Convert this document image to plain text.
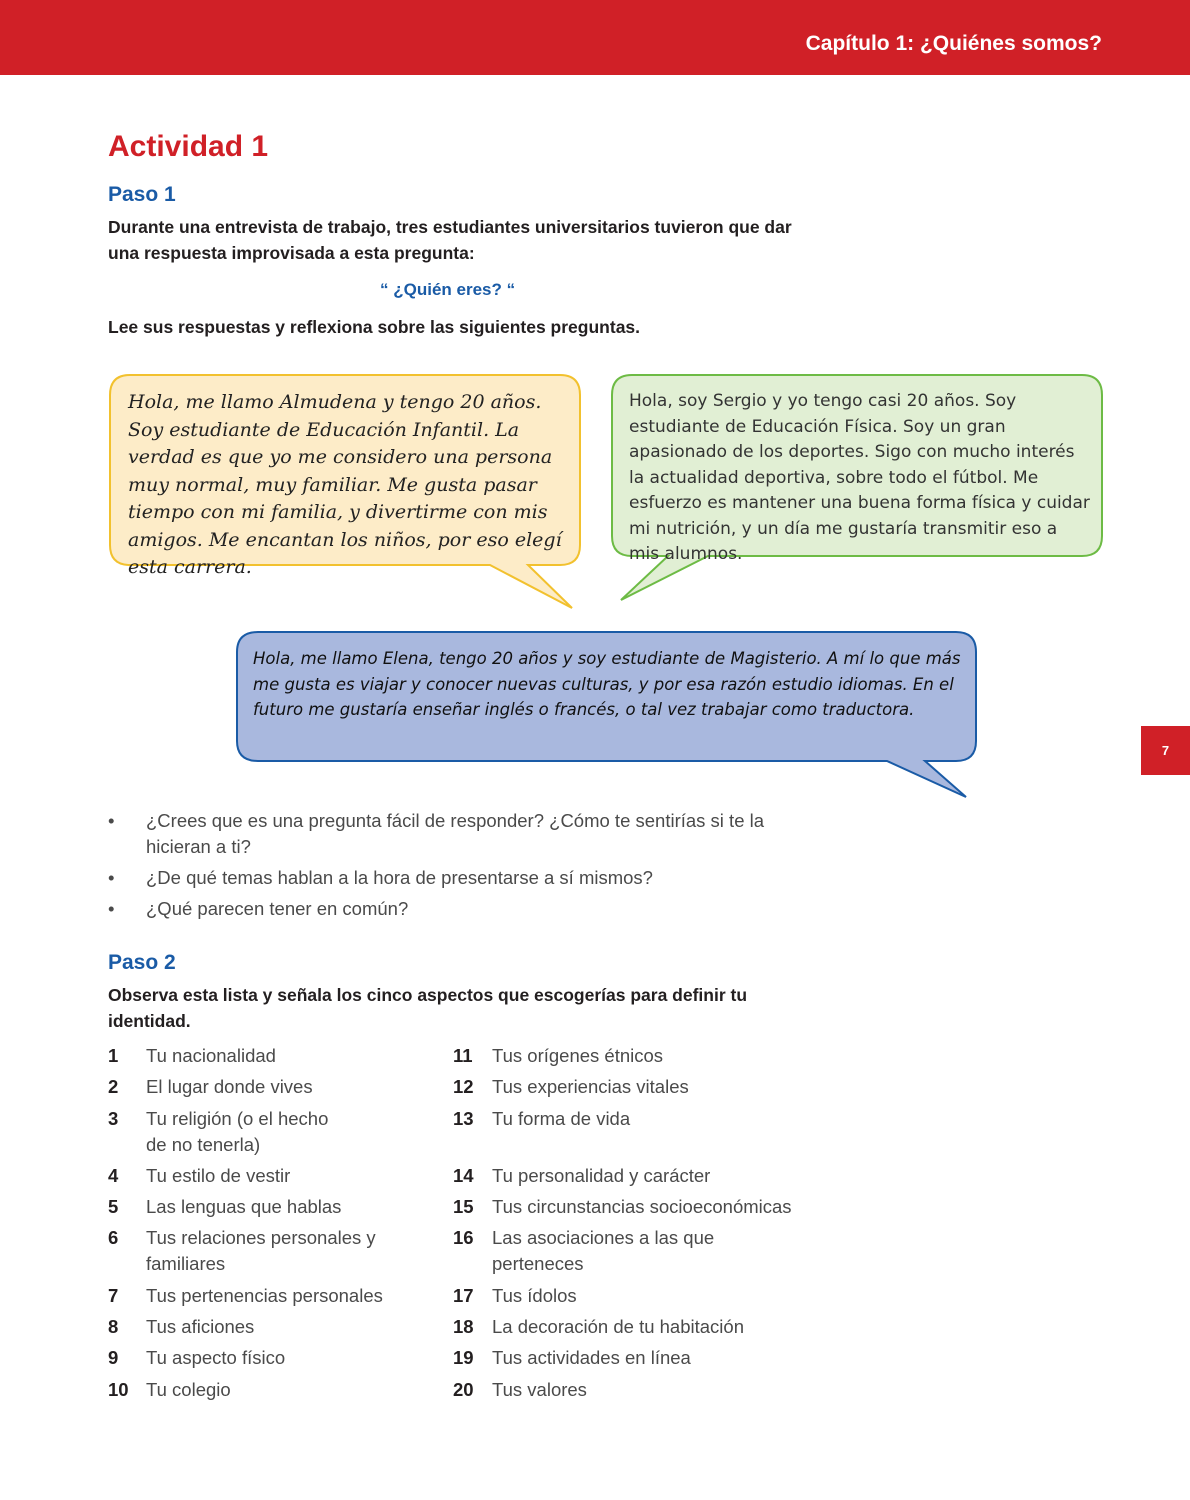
Capítulo 1: ¿Quiénes somos?
7
Actividad 1
Paso 1

Durante una entrevista de trabajo, tres estudiantes universitarios tuvieron que dar una respuesta improvisada a esta pregunta:

“ ¿Quién eres? “

Lee sus respuestas y reflexiona sobre las siguientes preguntas.

Hola, me llamo Almudena y tengo 20 años. Soy estudiante de Educación Infantil. La verdad es que yo me considero una persona muy normal, muy familiar. Me gusta pasar tiempo con mi familia, y divertirme con mis amigos. Me encantan los niños, por eso elegí esta carrera.

Hola, soy Sergio y yo tengo casi 20 años. Soy estudiante de Educación Física. Soy un gran apasionado de los deportes. Sigo con mucho interés la actualidad deportiva, sobre todo el fútbol. Me esfuerzo es mantener una buena forma física y cuidar mi nutrición, y un día me gustaría transmitir eso a mis alumnos.

Hola, me llamo Elena, tengo 20 años y soy estudiante de Magisterio. A mí lo que más me gusta es viajar y conocer nuevas culturas, y por esa razón estudio idiomas. En el futuro me gustaría enseñar inglés o francés, o tal vez trabajar como traductora.

• ¿Crees que es una pregunta fácil de responder? ¿Cómo te sentirías si te la hicieran a ti?
• ¿De qué temas hablan a la hora de presentarse a sí mismos?
• ¿Qué parecen tener en común?
Paso 2

Observa esta lista y señala los cinco aspectos que escogerías para definir tu identidad.

1 Tu nacionalidad
2 El lugar donde vives
3 Tu religión (o el hecho de no tenerla)
4 Tu estilo de vestir
5 Las lenguas que hablas
6 Tus relaciones personales y familiares
7 Tus pertenencias personales
8 Tus aficiones
9 Tu aspecto físico
10 Tu colegio
11 Tus orígenes étnicos
12 Tus experiencias vitales
13 Tu forma de vida
14 Tu personalidad y carácter
15 Tus circunstancias socioeconómicas
16 Las asociaciones a las que perteneces
17 Tus ídolos
18 La decoración de tu habitación
19 Tus actividades en línea
20 Tus valores
